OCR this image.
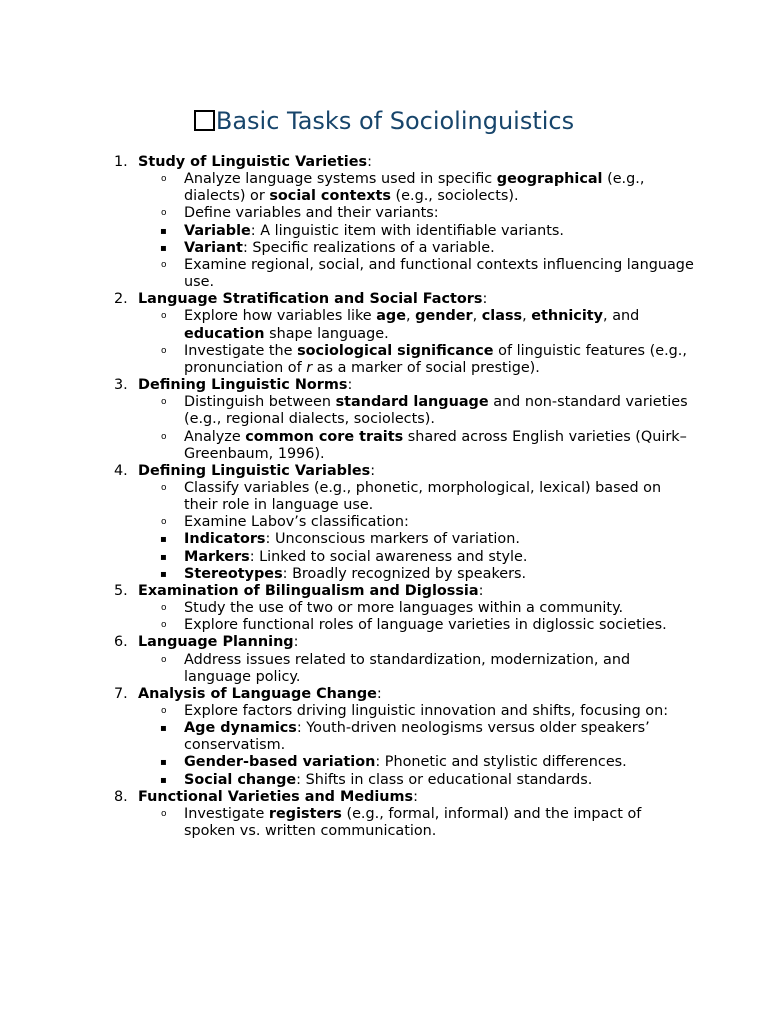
Basic Tasks of Sociolinguistics
1. Study of Linguistic Varieties:
o Analyze language systems used in specific geographical (e.g., dialects) or social contexts (e.g., sociolects).
o Define variables and their variants:
▪ Variable: A linguistic item with identifiable variants.
▪ Variant: Specific realizations of a variable.
o Examine regional, social, and functional contexts influencing language use.
2. Language Stratification and Social Factors:
o Explore how variables like age, gender, class, ethnicity, and education shape language.
o Investigate the sociological significance of linguistic features (e.g., pronunciation of r as a marker of social prestige).
3. Defining Linguistic Norms:
o Distinguish between standard language and non-standard varieties (e.g., regional dialects, sociolects).
o Analyze common core traits shared across English varieties (Quirk–Greenbaum, 1996).
4. Defining Linguistic Variables:
o Classify variables (e.g., phonetic, morphological, lexical) based on their role in language use.
o Examine Labov’s classification:
▪ Indicators: Unconscious markers of variation.
▪ Markers: Linked to social awareness and style.
▪ Stereotypes: Broadly recognized by speakers.
5. Examination of Bilingualism and Diglossia:
o Study the use of two or more languages within a community.
o Explore functional roles of language varieties in diglossic societies.
6. Language Planning:
o Address issues related to standardization, modernization, and language policy.
7. Analysis of Language Change:
o Explore factors driving linguistic innovation and shifts, focusing on:
▪ Age dynamics: Youth-driven neologisms versus older speakers’ conservatism.
▪ Gender-based variation: Phonetic and stylistic differences.
▪ Social change: Shifts in class or educational standards.
8. Functional Varieties and Mediums:
o Investigate registers (e.g., formal, informal) and the impact of spoken vs. written communication.
